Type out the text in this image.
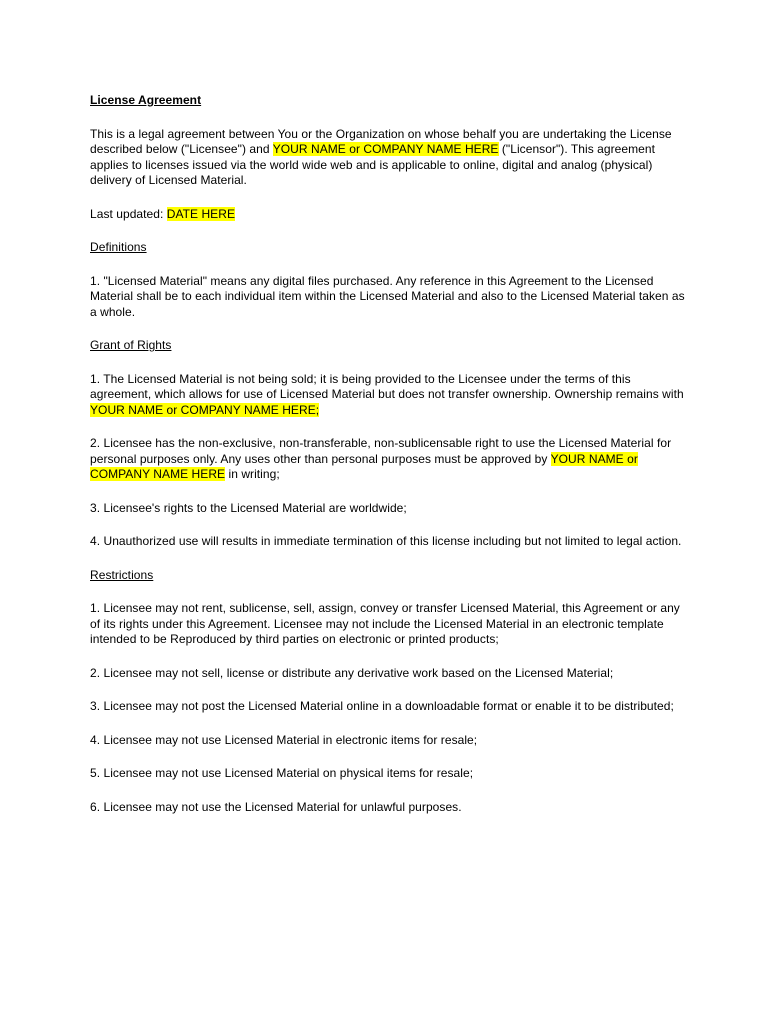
License Agreement

This is a legal agreement between You or the Organization on whose behalf you are undertaking the License described below ("Licensee") and YOUR NAME or COMPANY NAME HERE ("Licensor"). This agreement applies to licenses issued via the world wide web and is applicable to online, digital and analog (physical) delivery of Licensed Material.

Last updated: DATE HERE

Definitions

1. "Licensed Material" means any digital files purchased. Any reference in this Agreement to the Licensed Material shall be to each individual item within the Licensed Material and also to the Licensed Material taken as a whole.

Grant of Rights

1. The Licensed Material is not being sold; it is being provided to the Licensee under the terms of this agreement, which allows for use of Licensed Material but does not transfer ownership. Ownership remains with YOUR NAME or COMPANY NAME HERE;

2. Licensee has the non-exclusive, non-transferable, non-sublicensable right to use the Licensed Material for personal purposes only. Any uses other than personal purposes must be approved by YOUR NAME or COMPANY NAME HERE in writing;

3. Licensee's rights to the Licensed Material are worldwide;

4. Unauthorized use will results in immediate termination of this license including but not limited to legal action.

Restrictions

1. Licensee may not rent, sublicense, sell, assign, convey or transfer Licensed Material, this Agreement or any of its rights under this Agreement. Licensee may not include the Licensed Material in an electronic template intended to be Reproduced by third parties on electronic or printed products;

2. Licensee may not sell, license or distribute any derivative work based on the Licensed Material;

3. Licensee may not post the Licensed Material online in a downloadable format or enable it to be distributed;

4. Licensee may not use Licensed Material in electronic items for resale;

5. Licensee may not use Licensed Material on physical items for resale;

6. Licensee may not use the Licensed Material for unlawful purposes.
